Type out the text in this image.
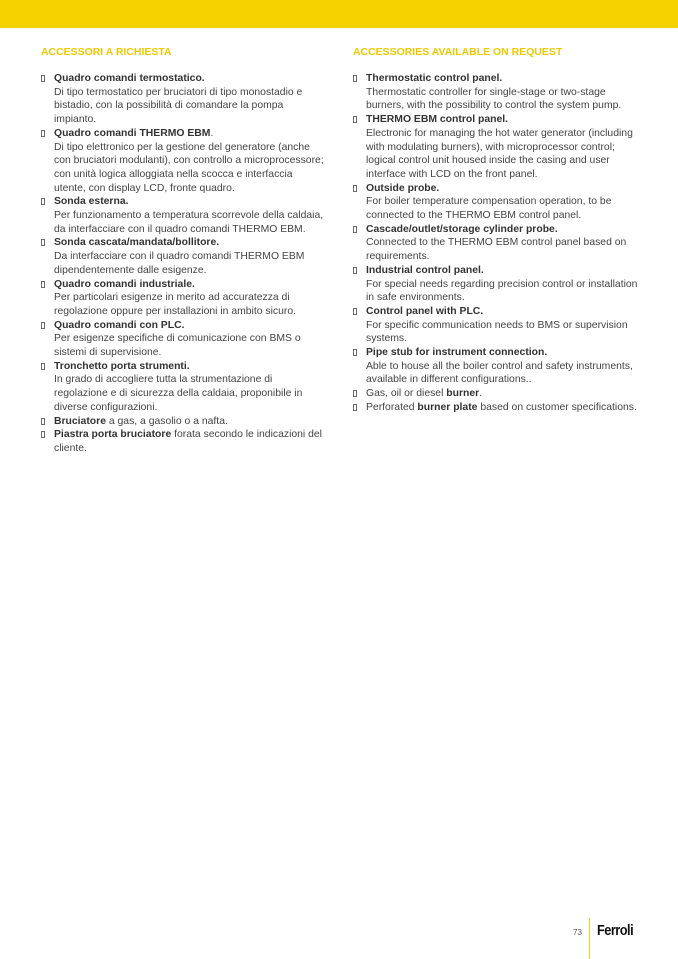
ACCESSORI A RICHIESTA
Quadro comandi termostatico.
Di tipo termostatico per bruciatori di tipo monostadio e bistadio, con la possibilità di comandare la pompa impianto.
Quadro comandi THERMO EBM.
Di tipo elettronico per la gestione del generatore (anche con bruciatori modulanti), con controllo a microprocessore; con unità logica alloggiata nella scocca e interfaccia utente, con display LCD, fronte quadro.
Sonda esterna.
Per funzionamento a temperatura scorrevole della caldaia, da interfacciare con il quadro comandi THERMO EBM.
Sonda cascata/mandata/bollitore.
Da interfacciare con il quadro comandi THERMO EBM dipendentemente dalle esigenze.
Quadro comandi industriale.
Per particolari esigenze in merito ad accuratezza di regolazione oppure per installazioni in ambito sicuro.
Quadro comandi con PLC.
Per esigenze specifiche di comunicazione con BMS o sistemi di supervisione.
Tronchetto porta strumenti.
In grado di accogliere tutta la strumentazione di regolazione e di sicurezza della caldaia, proponibile in diverse configurazioni.
Bruciatore a gas, a gasolio o a nafta.
Piastra porta bruciatore forata secondo le indicazioni del cliente.
ACCESSORIES AVAILABLE ON REQUEST
Thermostatic control panel.
Thermostatic controller for single-stage or two-stage burners, with the possibility to control the system pump.
THERMO EBM control panel.
Electronic for managing the hot water generator (including with modulating burners), with microprocessor control; logical control unit housed inside the casing and user interface with LCD on the front panel.
Outside probe.
For boiler temperature compensation operation, to be connected to the THERMO EBM control panel.
Cascade/outlet/storage cylinder probe.
Connected to the THERMO EBM control panel based on requirements.
Industrial control panel.
For special needs regarding precision control or installation in safe environments.
Control panel with PLC.
For specific communication needs to BMS or supervision systems.
Pipe stub for instrument connection.
Able to house all the boiler control and safety instruments, available in different configurations..
Gas, oil or diesel burner.
Perforated burner plate based on customer specifications.
73 Ferroli
